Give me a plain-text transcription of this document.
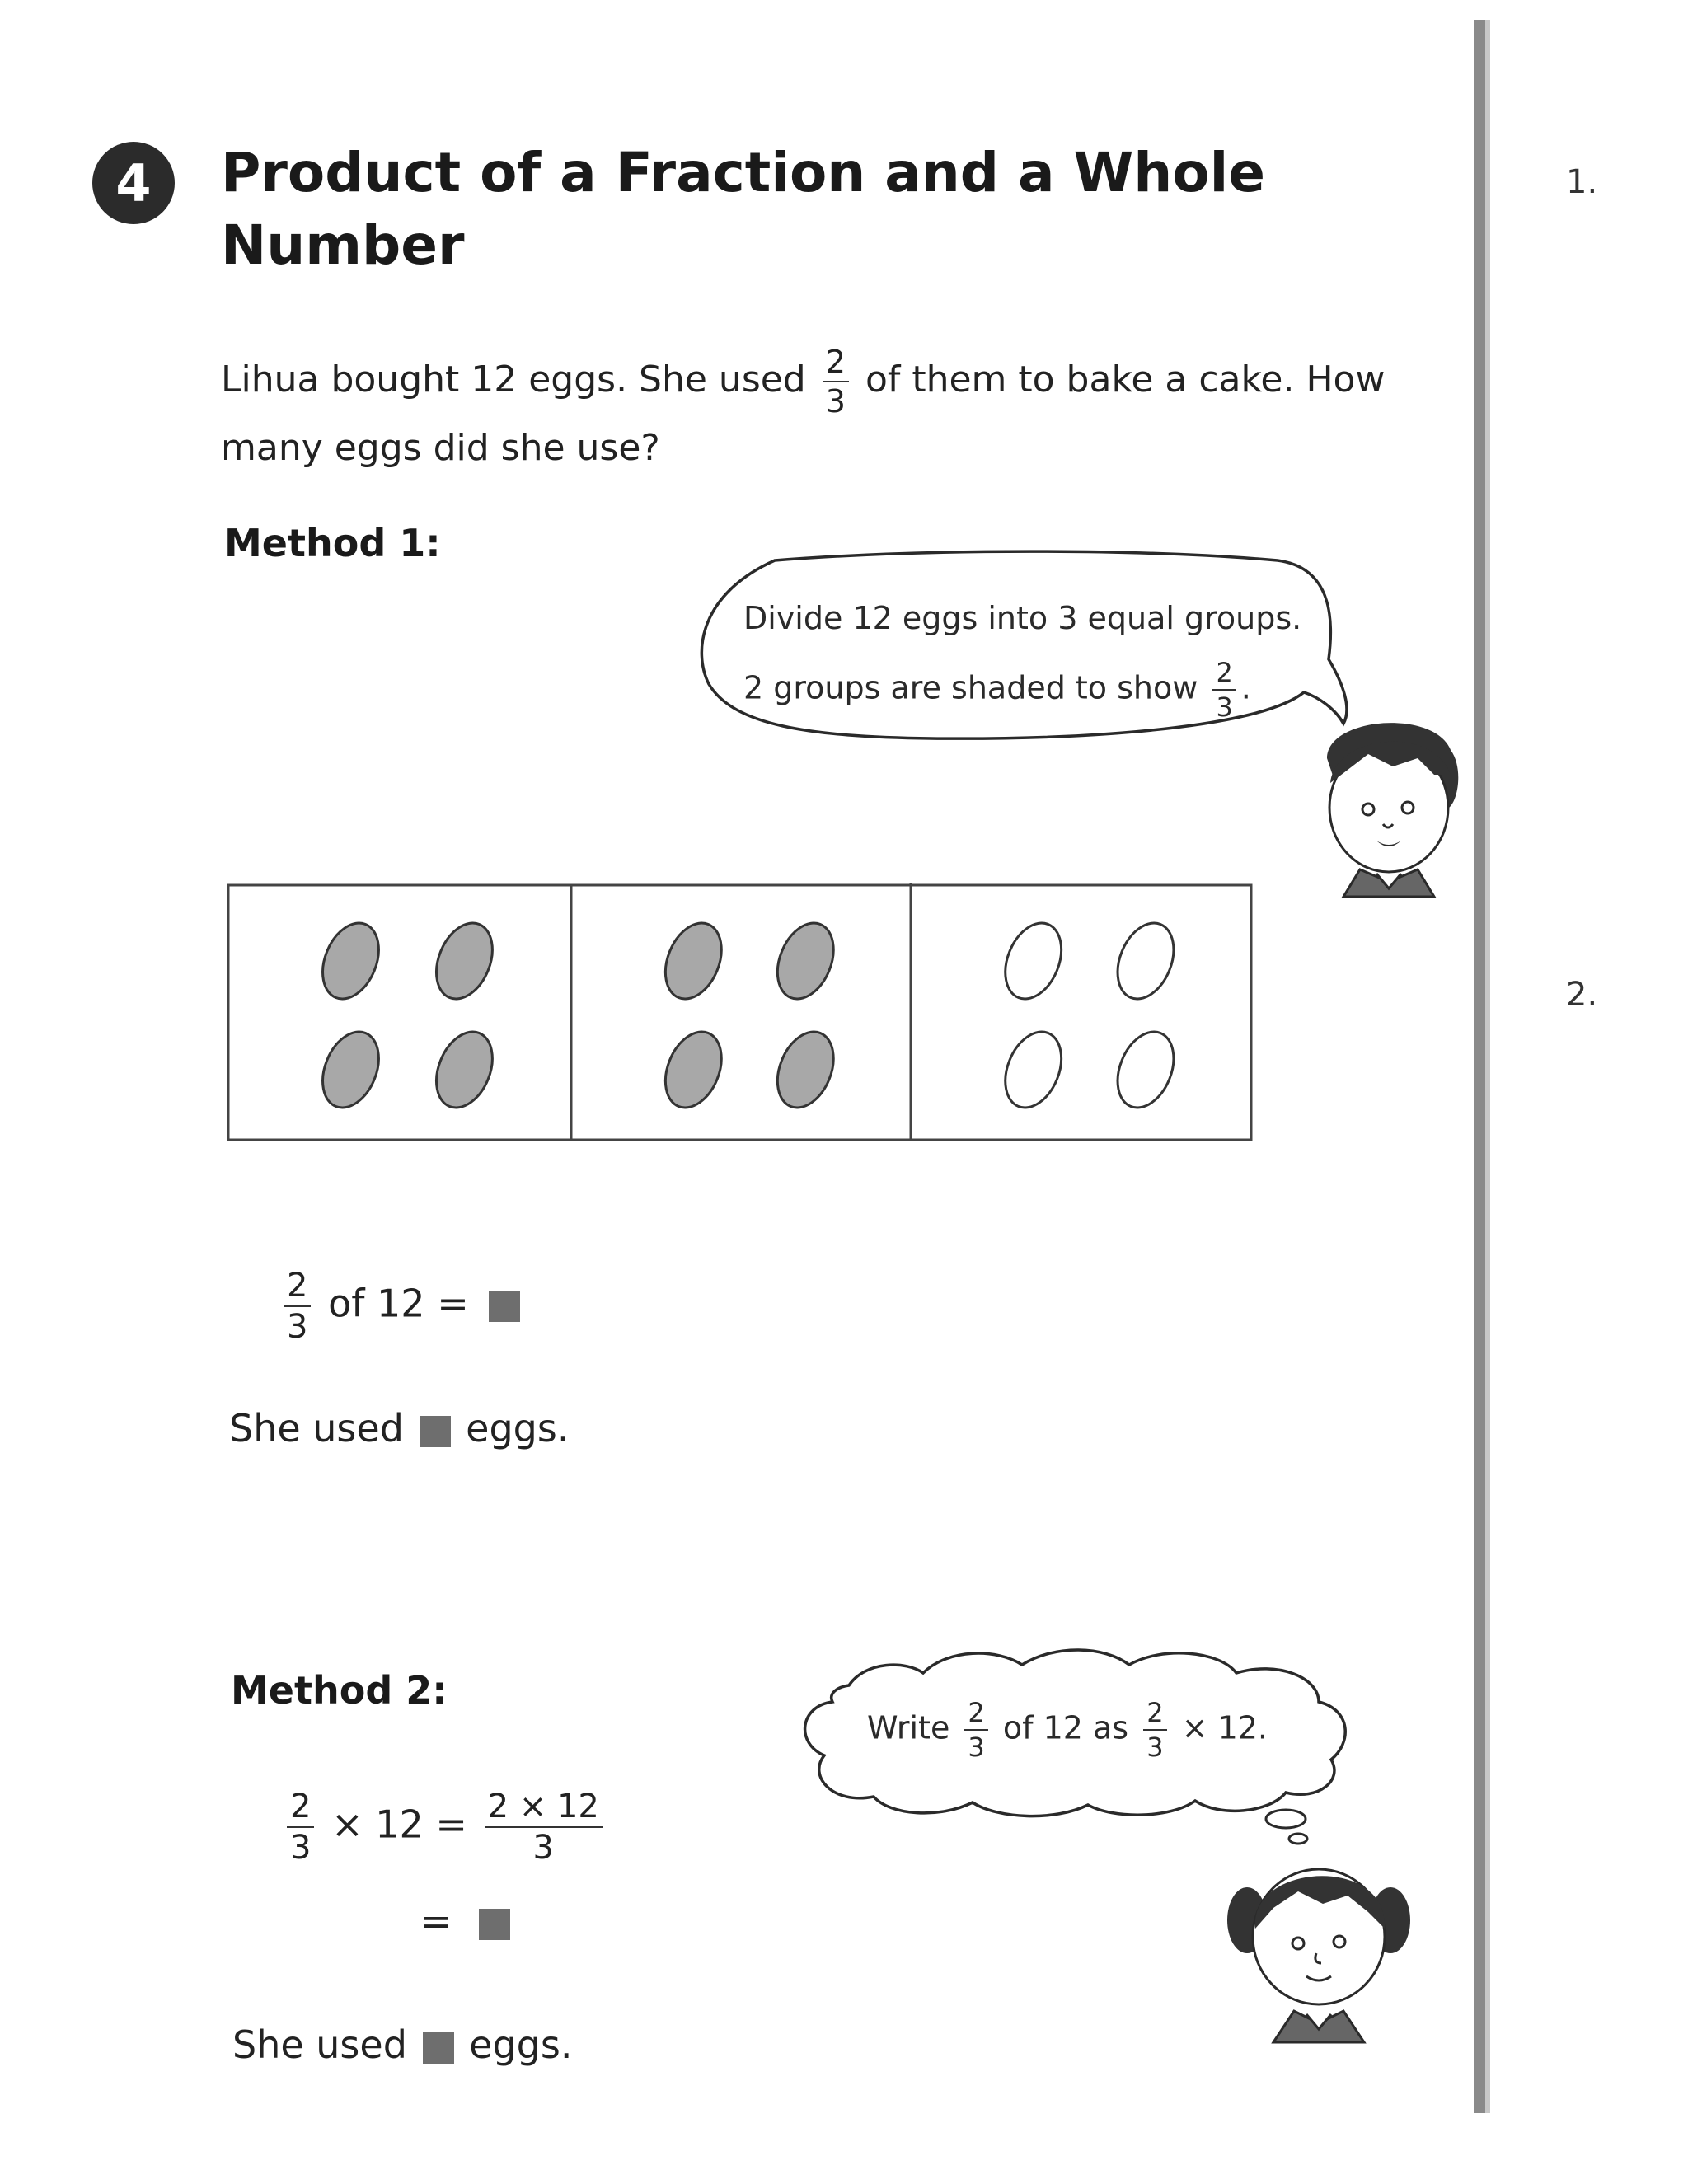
4 Product of a Fraction and a Whole Number
Lihua bought 12 eggs. She used $\frac{2}{3}$ of them to bake a cake. How many eggs did she use?
Method 1:
Divide 12 eggs into 3 equal groups.
2 groups are shaded to show $\frac{2}{3}$ .
$\frac{2}{3}$ of 12 =
She used eggs.
Method 2:
Write $\frac{2}{3}$ of 12 as $\frac{2}{3} \times 12$.
$\frac{2}{3} \times 12 = \frac{2 \times 12}{3}$
=
She used eggs.
1.
2.
